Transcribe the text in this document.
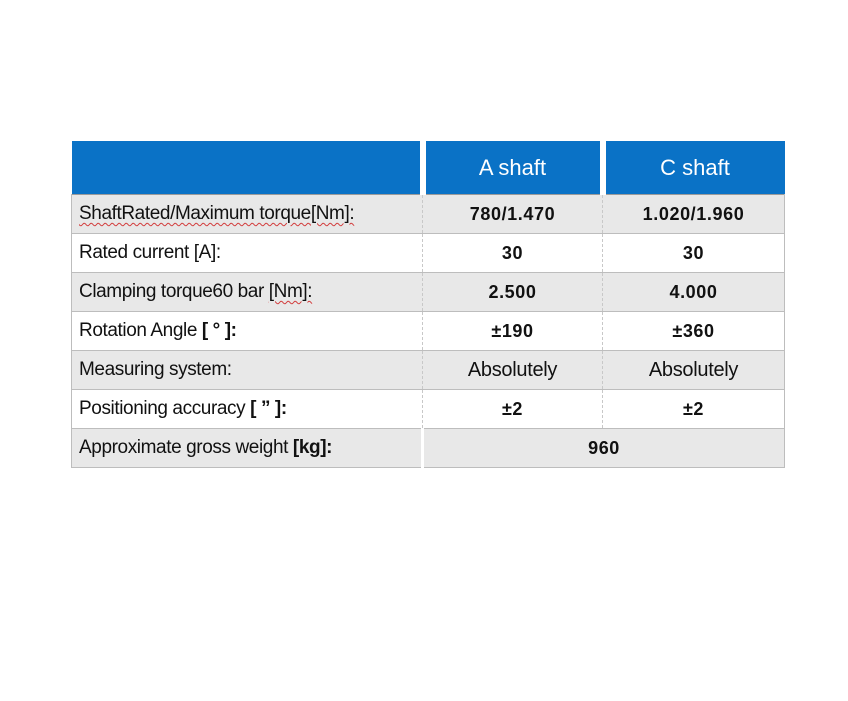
	A shaft	C shaft
ShaftRated/Maximum torque[Nm]:	780/1.470	1.020/1.960
Rated current [A]:	30	30
Clamping torque60 bar [Nm]:	2.500	4.000
Rotation Angle [ ° ]:	±190	±360
Measuring system:	Absolutely	Absolutely
Positioning accuracy [ ” ]:	±2	±2
Approximate gross weight [kg]:	960	
